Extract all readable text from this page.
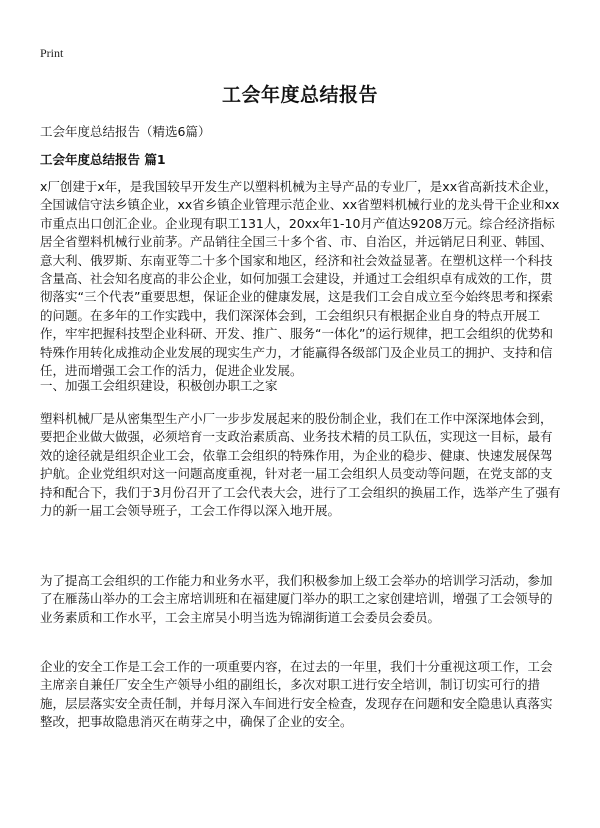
Print
工会年度总结报告
工会年度总结报告（精选6篇）
工会年度总结报告 篇1

x厂创建于x年，是我国较早开发生产以塑料机械为主导产品的专业厂，是xx省高新技术企业，全国诚信守法乡镇企业，xx省乡镇企业管理示范企业、xx省塑料机械行业的龙头骨干企业和xx市重点出口创汇企业。企业现有职工131人，20xx年1-10月产值达9208万元。综合经济指标居全省塑料机械行业前茅。产品销往全国三十多个省、市、自治区，并远销尼日利亚、韩国、意大利、俄罗斯、东南亚等二十多个国家和地区，经济和社会效益显著。在塑机这样一个科技含量高、社会知名度高的非公企业，如何加强工会建设，并通过工会组织卓有成效的工作，贯彻落实“三个代表”重要思想，保证企业的健康发展，这是我们工会自成立至今始终思考和探索的问题。在多年的工作实践中，我们深深体会到，工会组织只有根据企业自身的特点开展工作，牢牢把握科技型企业科研、开发、推广、服务“一体化”的运行规律，把工会组织的优势和特殊作用转化成推动企业发展的现实生产力，才能赢得各级部门及企业员工的拥护、支持和信任，进而增强工会工作的活力，促进企业发展。

一、加强工会组织建设，积极创办职工之家

塑料机械厂是从密集型生产小厂一步步发展起来的股份制企业，我们在工作中深深地体会到，要把企业做大做强，必须培育一支政治素质高、业务技术精的员工队伍，实现这一目标，最有效的途径就是组织企业工会，依靠工会组织的特殊作用，为企业的稳步、健康、快速发展保驾护航。企业党组织对这一问题高度重视，针对老一届工会组织人员变动等问题，在党支部的支持和配合下，我们于3月份召开了工会代表大会，进行了工会组织的换届工作，选举产生了强有力的新一届工会领导班子，工会工作得以深入地开展。

为了提高工会组织的工作能力和业务水平，我们积极参加上级工会举办的培训学习活动，参加了在雁荡山举办的工会主席培训班和在福建厦门举办的职工之家创建培训，增强了工会领导的业务素质和工作水平，工会主席吴小明当选为锦湖街道工会委员会委员。

企业的安全工作是工会工作的一项重要内容，在过去的一年里，我们十分重视这项工作，工会主席亲自兼任厂安全生产领导小组的副组长，多次对职工进行安全培训，制订切实可行的措施，层层落实安全责任制，并每月深入车间进行安全检查，发现存在问题和安全隐患认真落实整改，把事故隐患消灭在萌芽之中，确保了企业的安全。
